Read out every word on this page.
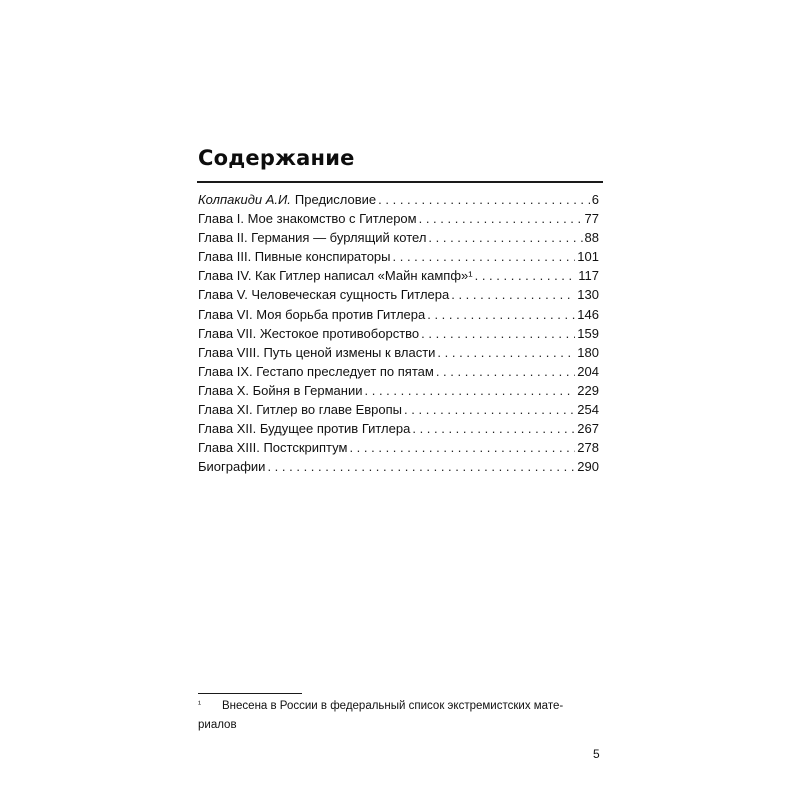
Содержание
Колпакиди А.И. Предисловие . . .	6
Глава I. Мое знакомство с Гитлером . . .	77
Глава II. Германия — бурлящий котел . . .	88
Глава III. Пивные конспираторы . . .	101
Глава IV. Как Гитлер написал «Майн кампф»¹ . . .	117
Глава V. Человеческая сущность Гитлера . . .	130
Глава VI. Моя борьба против Гитлера . . .	146
Глава VII. Жестокое противоборство . . .	159
Глава VIII. Путь ценой измены к власти . . .	180
Глава IX. Гестапо преследует по пятам . . .	204
Глава X. Бойня в Германии . . .	229
Глава XI. Гитлер во главе Европы . . .	254
Глава XII. Будущее против Гитлера . . .	267
Глава XIII. Постскриптум . . .	278
Биографии . . .	290
¹ Внесена в России в федеральный список экстремистских мате-
риалов
5
